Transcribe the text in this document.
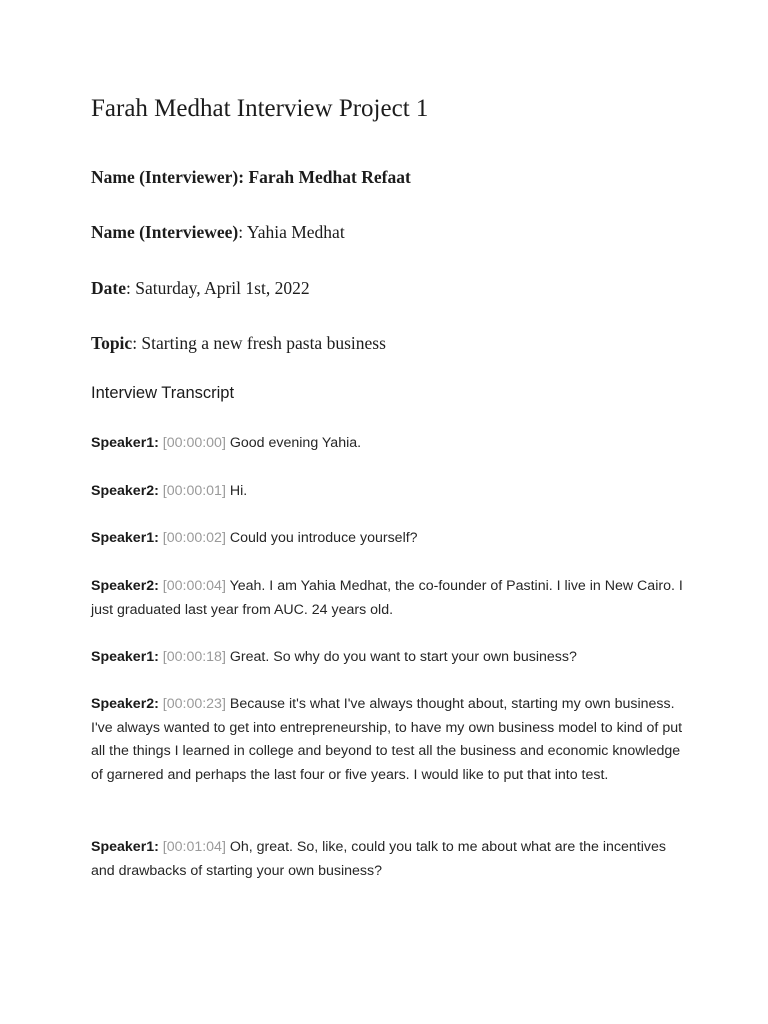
Farah Medhat Interview Project 1

Name (Interviewer): Farah Medhat Refaat

Name (Interviewee): Yahia Medhat

Date: Saturday, April 1st, 2022

Topic: Starting a new fresh pasta business

Interview Transcript

Speaker1: [00:00:00] Good evening Yahia.

Speaker2: [00:00:01] Hi.

Speaker1: [00:00:02] Could you introduce yourself?

Speaker2: [00:00:04] Yeah. I am Yahia Medhat, the co-founder of Pastini. I live in New Cairo. I just graduated last year from AUC. 24 years old.

Speaker1: [00:00:18] Great. So why do you want to start your own business?

Speaker2: [00:00:23] Because it's what I've always thought about, starting my own business. I've always wanted to get into entrepreneurship, to have my own business model to kind of put all the things I learned in college and beyond to test all the business and economic knowledge of garnered and perhaps the last four or five years. I would like to put that into test.

Speaker1: [00:01:04] Oh, great. So, like, could you talk to me about what are the incentives and drawbacks of starting your own business?
